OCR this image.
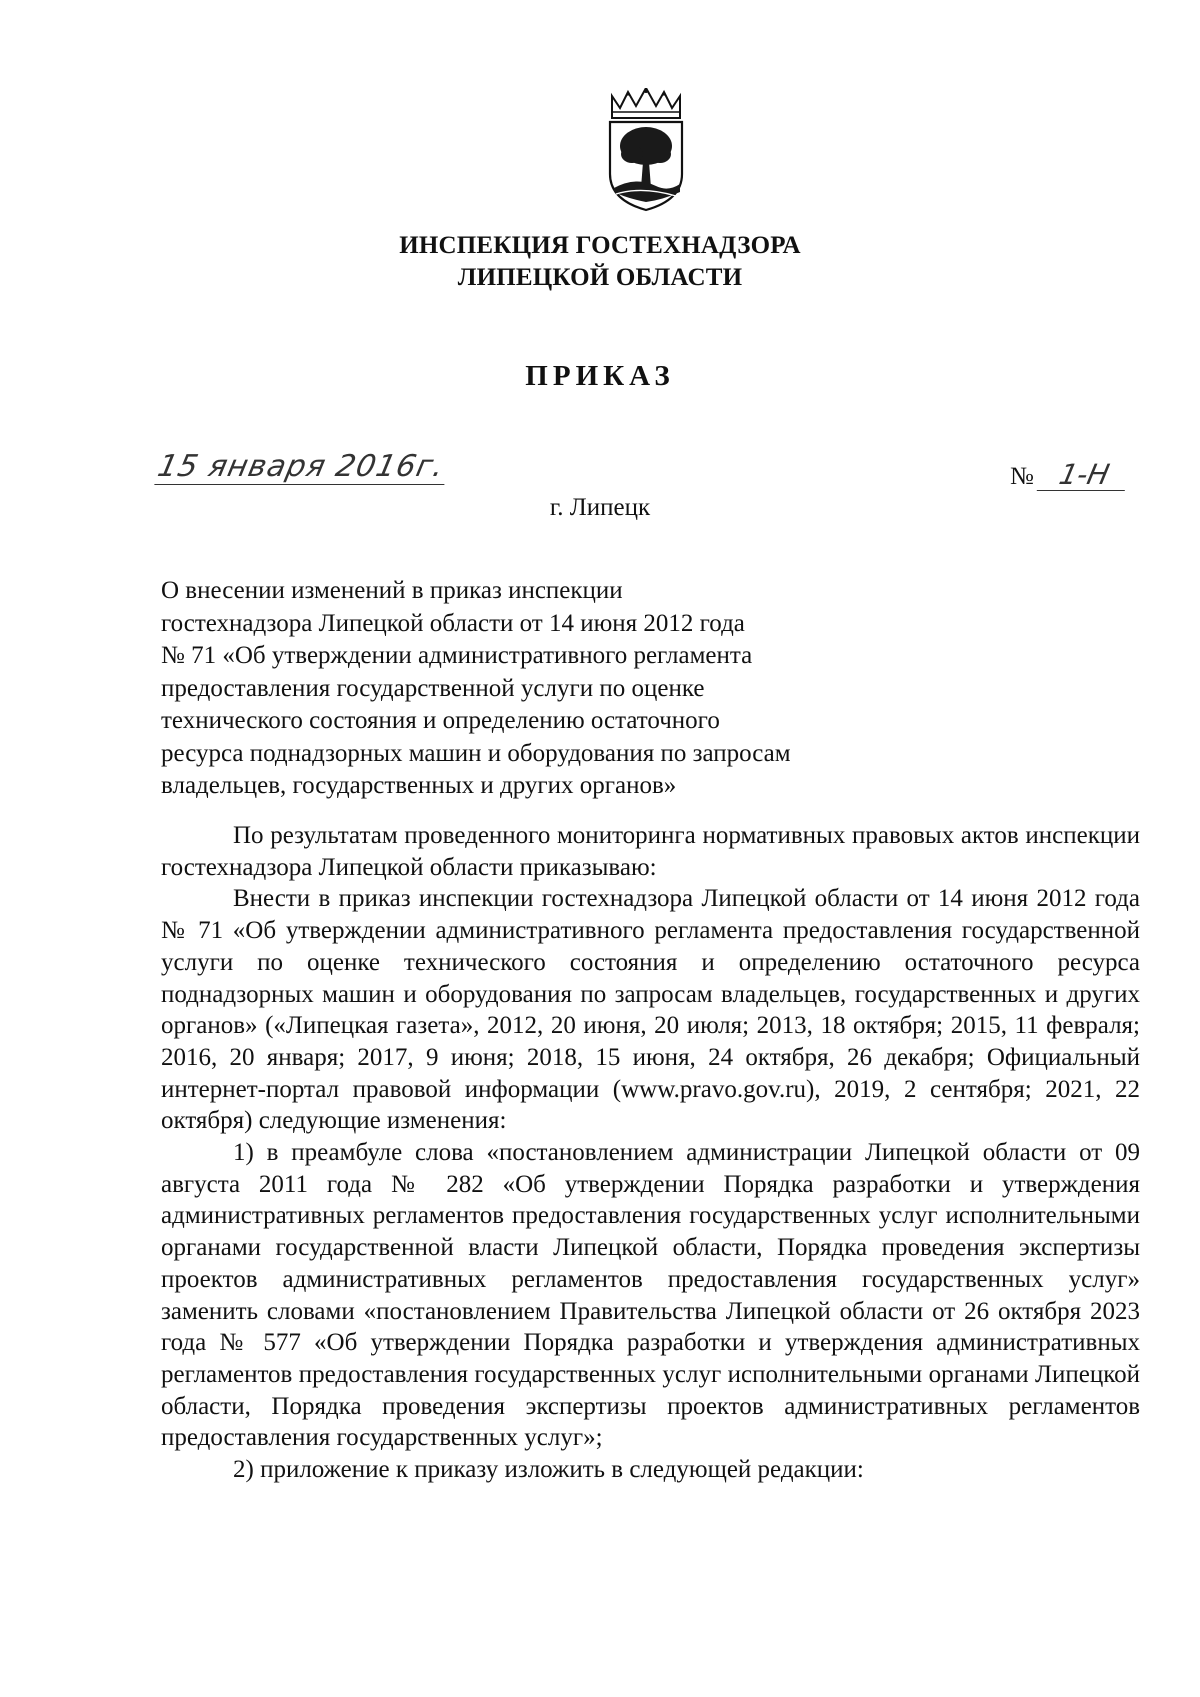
ИНСПЕКЦИЯ ГОСТЕХНАДЗОРА
ЛИПЕЦКОЙ ОБЛАСТИ
ПРИКАЗ
15 января 2016г.	№ 1-Н
г. Липецк
О внесении изменений в приказ инспекции
гостехнадзора Липецкой области от 14 июня 2012 года
№ 71 «Об утверждении административного регламента
предоставления государственной услуги по оценке
технического состояния и определению остаточного
ресурса поднадзорных машин и оборудования по запросам
владельцев, государственных и других органов»

По результатам проведенного мониторинга нормативных правовых актов инспекции гостехнадзора Липецкой области приказываю:

Внести в приказ инспекции гостехнадзора Липецкой области от 14 июня 2012 года № 71 «Об утверждении административного регламента предоставления государственной услуги по оценке технического состояния и определению остаточного ресурса поднадзорных машин и оборудования по запросам владельцев, государственных и других органов» («Липецкая газета», 2012, 20 июня, 20 июля; 2013, 18 октября; 2015, 11 февраля; 2016, 20 января; 2017, 9 июня; 2018, 15 июня, 24 октября, 26 декабря; Официальный интернет-портал правовой информации (www.pravo.gov.ru), 2019, 2 сентября; 2021, 22 октября) следующие изменения:

1) в преамбуле слова «постановлением администрации Липецкой области от 09 августа 2011 года № 282 «Об утверждении Порядка разработки и утверждения административных регламентов предоставления государственных услуг исполнительными органами государственной власти Липецкой области, Порядка проведения экспертизы проектов административных регламентов предоставления государственных услуг» заменить словами «постановлением Правительства Липецкой области от 26 октября 2023 года № 577 «Об утверждении Порядка разработки и утверждения административных регламентов предоставления государственных услуг исполнительными органами Липецкой области, Порядка проведения экспертизы проектов административных регламентов предоставления государственных услуг»;

2) приложение к приказу изложить в следующей редакции:
